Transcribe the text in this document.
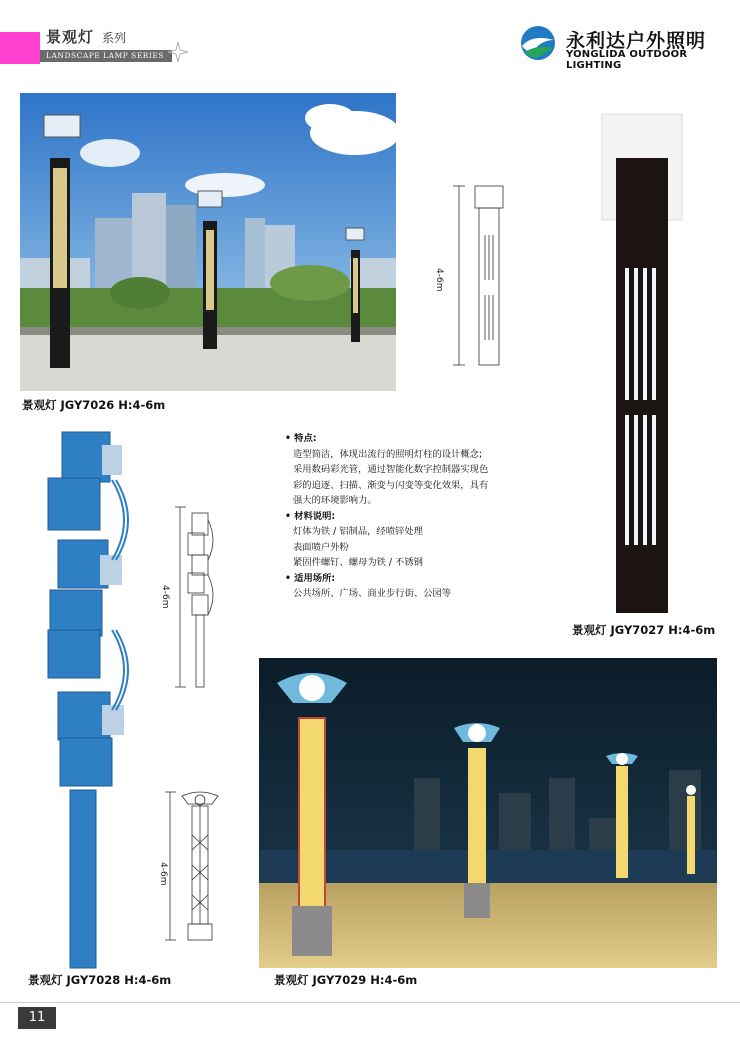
景观灯 系列
LANDSCAPE LAMP SERIES
永利达户外照明
YONGLIDA OUTDOOR LIGHTING
景观灯 JGY7026 H:4-6m
4-6m
景观灯 JGY7027 H:4-6m
景观灯 JGY7028 H:4-6m
4-6m
4-6m
• 特点:
造型简洁，体现出流行的照明灯柱的设计概念;
采用数码彩光管，通过智能化数字控制器实现色
彩的追逐、扫描、渐变与闪变等变化效果，具有
强大的环境影响力。
• 材料说明:
灯体为铁 / 铝制品，经喷锌处理
表面喷户外粉
紧固件螺钉、螺母为铁 / 不锈钢
• 适用场所:
公共场所、广场、商业步行街、公园等
景观灯 JGY7029 H:4-6m
11
